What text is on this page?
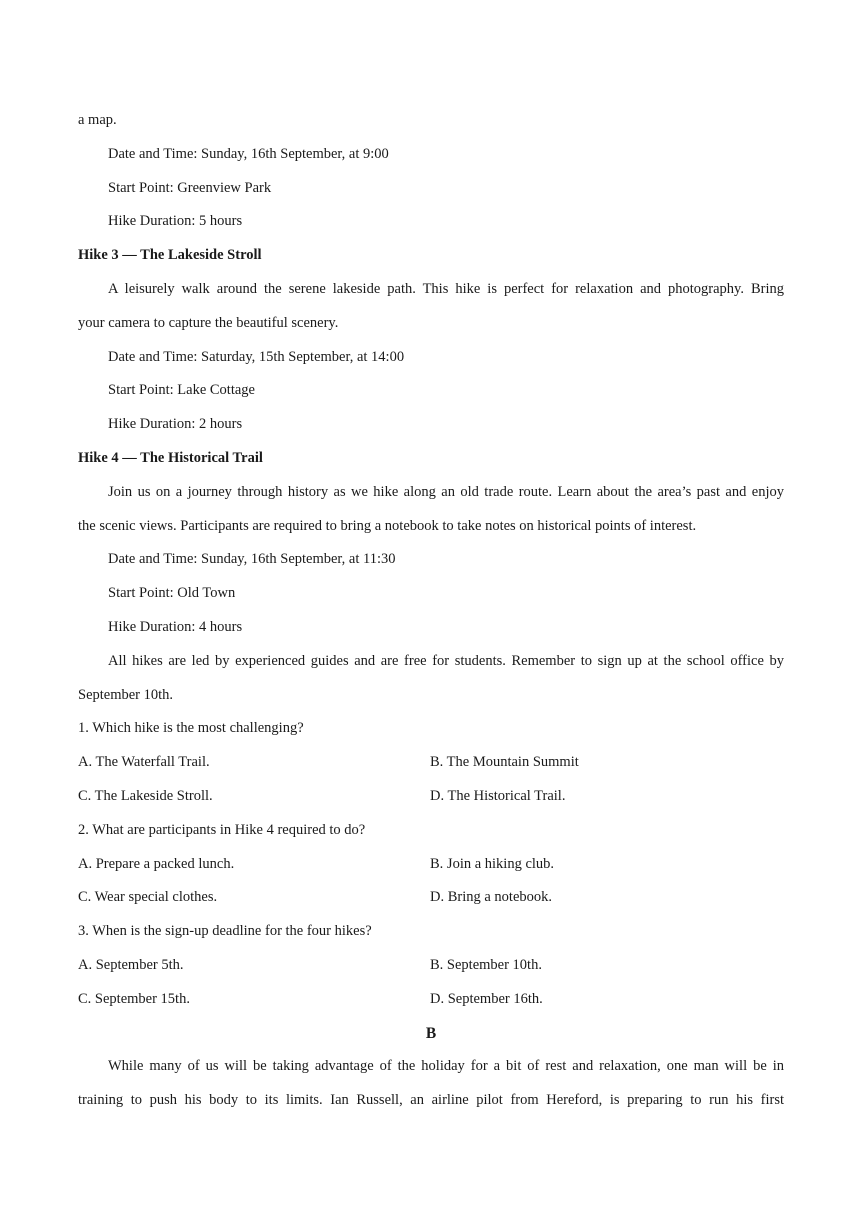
a map.
Date and Time: Sunday, 16th September, at 9:00
Start Point: Greenview Park
Hike Duration: 5 hours
Hike 3 — The Lakeside Stroll
A leisurely walk around the serene lakeside path. This hike is perfect for relaxation and photography. Bring
your camera to capture the beautiful scenery.
Date and Time: Saturday, 15th September, at 14:00
Start Point: Lake Cottage
Hike Duration: 2 hours
Hike 4 — The Historical Trail
Join us on a journey through history as we hike along an old trade route. Learn about the area’s past and enjoy
the scenic views. Participants are required to bring a notebook to take notes on historical points of interest.
Date and Time: Sunday, 16th September, at 11:30
Start Point: Old Town
Hike Duration: 4 hours
All hikes are led by experienced guides and are free for students. Remember to sign up at the school office by
September 10th.
1. Which hike is the most challenging?
A. The Waterfall Trail.	B. The Mountain Summit
C. The Lakeside Stroll.	D. The Historical Trail.
2. What are participants in Hike 4 required to do?
A. Prepare a packed lunch.	B. Join a hiking club.
C. Wear special clothes.	D. Bring a notebook.
3. When is the sign-up deadline for the four hikes?
A. September 5th.	B. September 10th.
C. September 15th.	D. September 16th.
B
While many of us will be taking advantage of the holiday for a bit of rest and relaxation, one man will be in
training to push his body to its limits. Ian Russell, an airline pilot from Hereford, is preparing to run his first
